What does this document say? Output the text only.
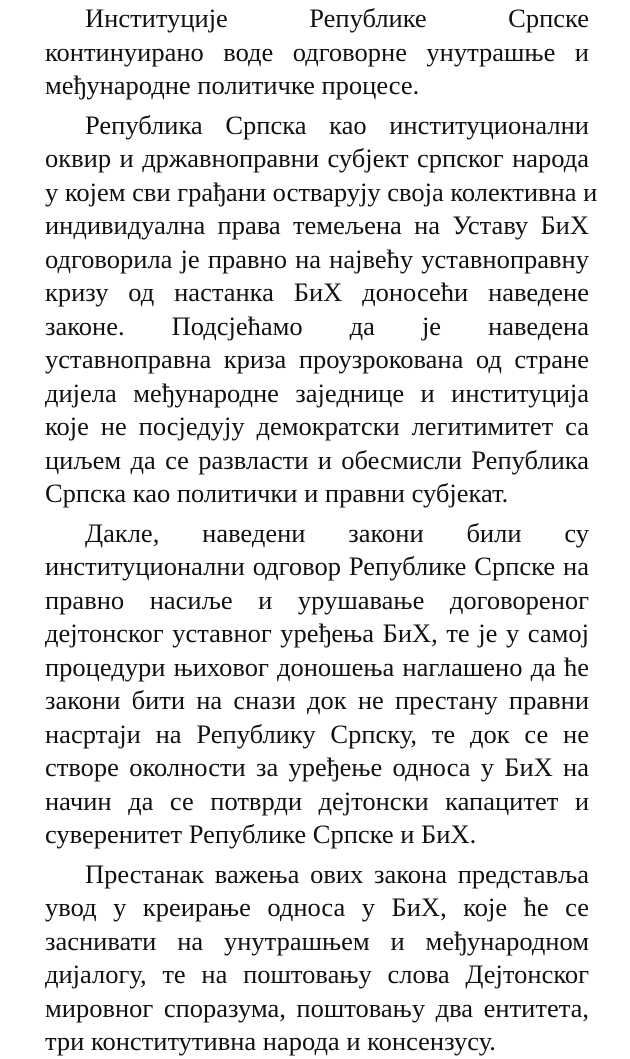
Институције Републике Српске
континуирано воде одговорне унутрашње и
међународне политичке процесе.
Република Српска као институционални
оквир и државноправни субјект српског народа
у којем сви грађани остварују своја колективна и
индивидуална права темељена на Уставу БиХ
одговорила је правно на највећу уставноправну
кризу од настанка БиХ доносећи наведене
законе. Подсјећамо да је наведена
уставноправна криза проузрокована од стране
дијела међународне заједнице и институција
које не посједују демократски легитимитет са
циљем да се развласти и обесмисли Република
Српска као политички и правни субјекат.
Дакле, наведени закони били су
институционални одговор Републике Српске на
правно насиље и урушавање договореног
дејтонског уставног уређења БиХ, те је у самој
процедури њиховог доношења наглашено да ће
закони бити на снази док не престану правни
насртаји на Републику Српску, те док се не
створе околности за уређење односа у БиХ на
начин да се потврди дејтонски капацитет и
суверенитет Републике Српске и БиХ.
Престанак важења ових закона представља
увод у креирање односа у БиХ, које ће се
заснивати на унутрашњем и међународном
дијалогу, те на поштовању слова Дејтонског
мировног споразума, поштовању два ентитета,
три конститутивна народа и консензусу.
